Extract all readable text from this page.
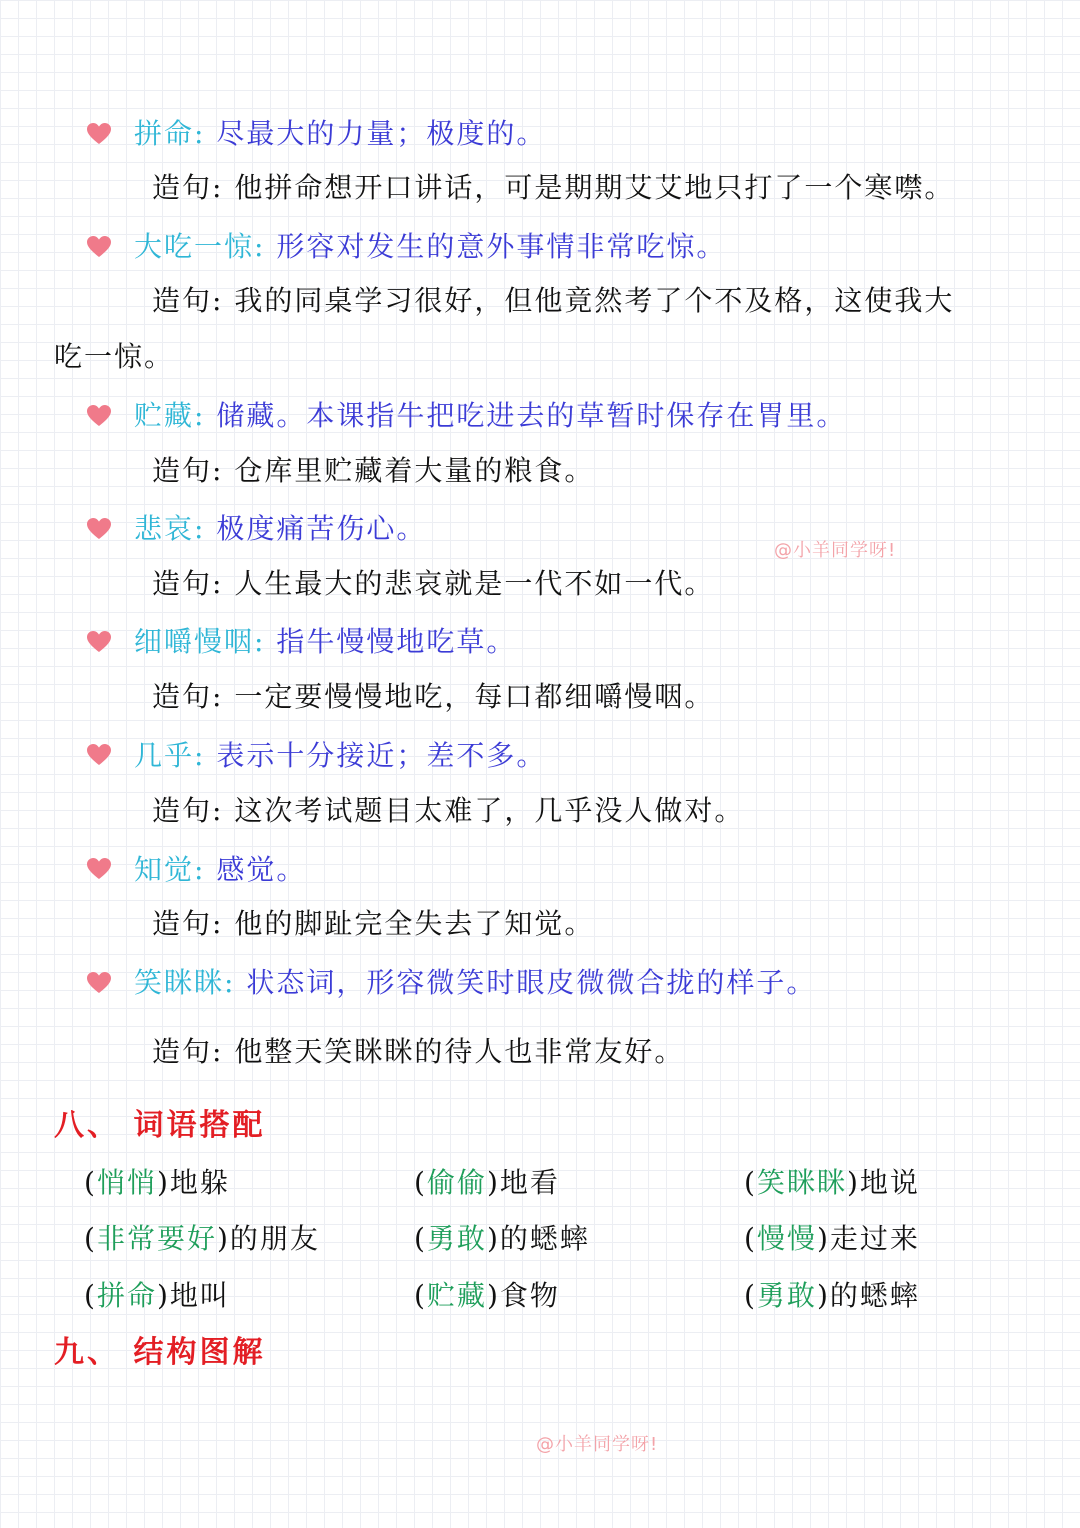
拼命: 尽最大的力量；极度的。
造句: 他拼命想开口讲话，可是期期艾艾地只打了一个寒噤。
大吃一惊: 形容对发生的意外事情非常吃惊。
造句: 我的同桌学习很好，但他竟然考了个不及格，这使我大
吃一惊。
贮藏: 储藏。本课指牛把吃进去的草暂时保存在胃里。
造句: 仓库里贮藏着大量的粮食。
悲哀: 极度痛苦伤心。
@小羊同学呀!
造句: 人生最大的悲哀就是一代不如一代。
细嚼慢咽: 指牛慢慢地吃草。
造句: 一定要慢慢地吃，每口都细嚼慢咽。
几乎: 表示十分接近；差不多。
造句: 这次考试题目太难了，几乎没人做对。
知觉: 感觉。
造句: 他的脚趾完全失去了知觉。
笑眯眯: 状态词，形容微笑时眼皮微微合拢的样子。
造句: 他整天笑眯眯的待人也非常友好。
八、 词语搭配
(悄悄)地躲	(偷偷)地看	(笑眯眯)地说
(非常要好)的朋友	(勇敢)的蟋蟀	(慢慢)走过来
(拼命)地叫	(贮藏)食物	(勇敢)的蟋蟀
九、 结构图解
@小羊同学呀!
